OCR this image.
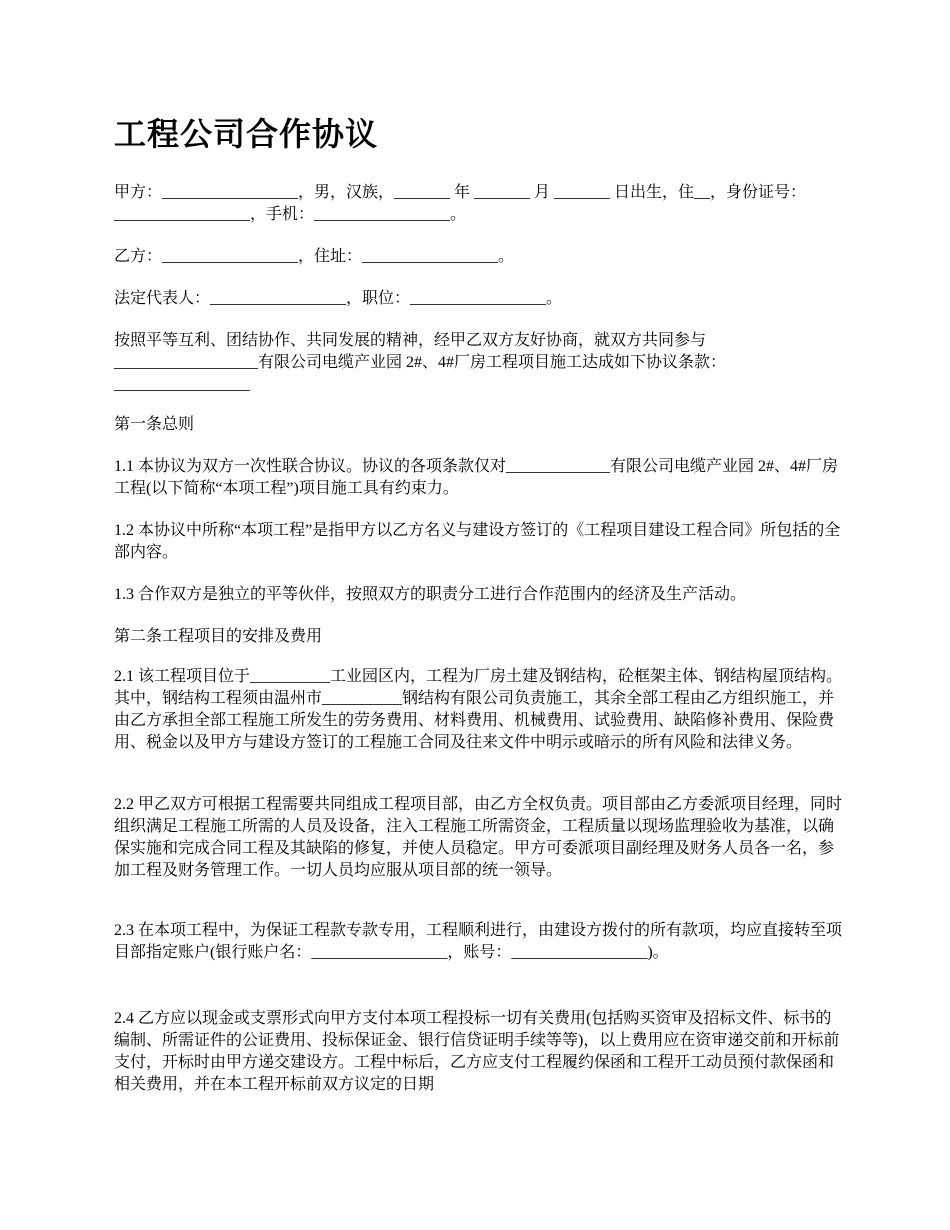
工程公司合作协议

甲方：_________________，男，汉族，_______ 年 _______ 月 _______ 日出生，住__，身份证号：_________________，手机：_________________。

乙方：_________________，住址：_________________。

法定代表人：_________________，职位：_________________。

按照平等互利、团结协作、共同发展的精神，经甲乙双方友好协商，就双方共同参与__________________有限公司电缆产业园 2#、4#厂房工程项目施工达成如下协议条款：_________________

第一条总则

1.1 本协议为双方一次性联合协议。协议的各项条款仅对_____________有限公司电缆产业园 2#、4#厂房工程(以下简称“本项工程”)项目施工具有约束力。

1.2 本协议中所称“本项工程”是指甲方以乙方名义与建设方签订的《工程项目建设工程合同》所包括的全部内容。

1.3 合作双方是独立的平等伙伴，按照双方的职责分工进行合作范围内的经济及生产活动。

第二条工程项目的安排及费用

2.1 该工程项目位于__________工业园区内，工程为厂房土建及钢结构，砼框架主体、钢结构屋顶结构。其中，钢结构工程须由温州市__________钢结构有限公司负责施工，其余全部工程由乙方组织施工，并由乙方承担全部工程施工所发生的劳务费用、材料费用、机械费用、试验费用、缺陷修补费用、保险费用、税金以及甲方与建设方签订的工程施工合同及往来文件中明示或暗示的所有风险和法律义务。

2.2 甲乙双方可根据工程需要共同组成工程项目部，由乙方全权负责。项目部由乙方委派项目经理，同时组织满足工程施工所需的人员及设备，注入工程施工所需资金，工程质量以现场监理验收为基准，以确保实施和完成合同工程及其缺陷的修复，并使人员稳定。甲方可委派项目副经理及财务人员各一名，参加工程及财务管理工作。一切人员均应服从项目部的统一领导。

2.3 在本项工程中，为保证工程款专款专用，工程顺利进行，由建设方拨付的所有款项，均应直接转至项目部指定账户(银行账户名：_________________，账号：_________________)。

2.4 乙方应以现金或支票形式向甲方支付本项工程投标一切有关费用(包括购买资审及招标文件、标书的编制、所需证件的公证费用、投标保证金、银行信贷证明手续等等)，以上费用应在资审递交前和开标前支付，开标时由甲方递交建设方。工程中标后，乙方应支付工程履约保函和工程开工动员预付款保函和相关费用，并在本工程开标前双方议定的日期
